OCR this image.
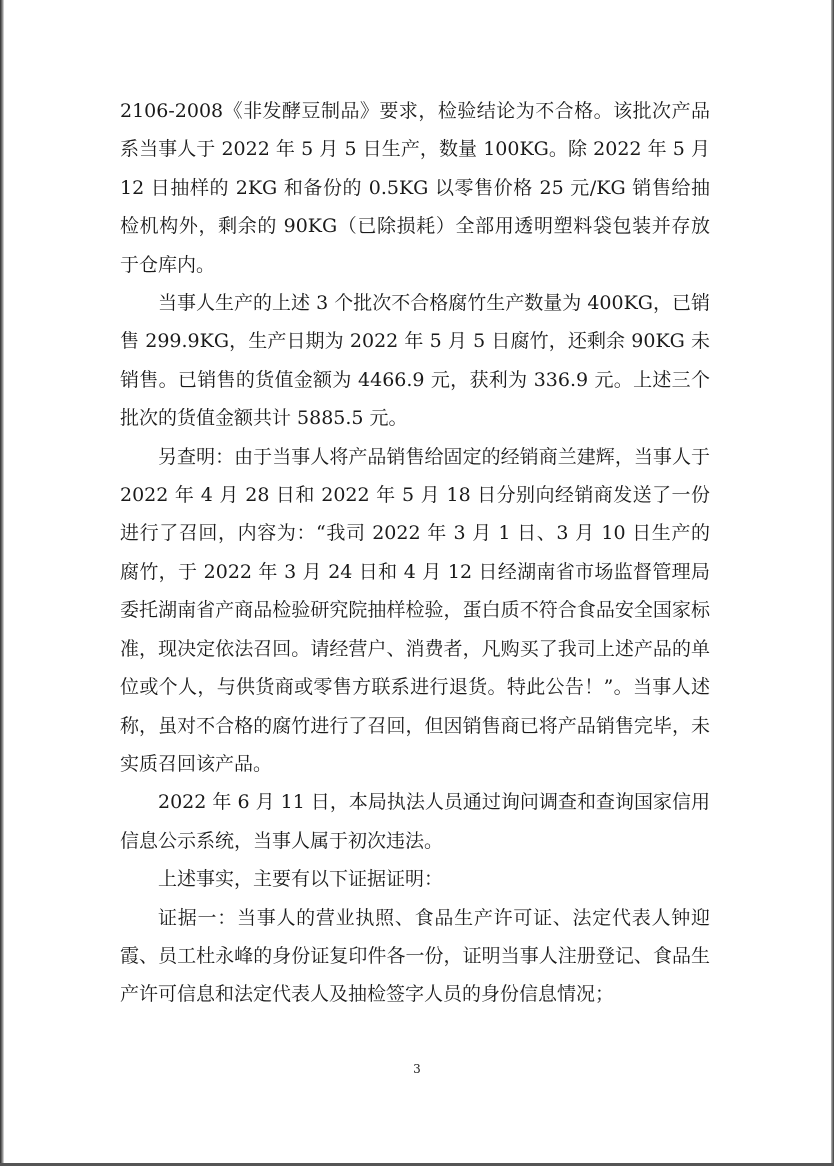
2106-2008《非发酵豆制品》要求，检验结论为不合格。该批次产品系当事人于 2022 年 5 月 5 日生产，数量 100KG。除 2022 年 5 月 12 日抽样的 2KG 和备份的 0.5KG 以零售价格 25 元/KG 销售给抽检机构外，剩余的 90KG（已除损耗）全部用透明塑料袋包装并存放于仓库内。

当事人生产的上述 3 个批次不合格腐竹生产数量为 400KG，已销售 299.9KG，生产日期为 2022 年 5 月 5 日腐竹，还剩余 90KG 未销售。已销售的货值金额为 4466.9 元，获利为 336.9 元。上述三个批次的货值金额共计 5885.5 元。

另查明：由于当事人将产品销售给固定的经销商兰建辉，当事人于 2022 年 4 月 28 日和 2022 年 5 月 18 日分别向经销商发送了一份进行了召回，内容为：“我司 2022 年 3 月 1 日、3 月 10 日生产的腐竹，于 2022 年 3 月 24 日和 4 月 12 日经湖南省市场监督管理局委托湖南省产商品检验研究院抽样检验，蛋白质不符合食品安全国家标准，现决定依法召回。请经营户、消费者，凡购买了我司上述产品的单位或个人，与供货商或零售方联系进行退货。特此公告！”。当事人述称，虽对不合格的腐竹进行了召回，但因销售商已将产品销售完毕，未实质召回该产品。

2022 年 6 月 11 日，本局执法人员通过询问调查和查询国家信用信息公示系统，当事人属于初次违法。

上述事实，主要有以下证据证明：

证据一：当事人的营业执照、食品生产许可证、法定代表人钟迎霞、员工杜永峰的身份证复印件各一份，证明当事人注册登记、食品生产许可信息和法定代表人及抽检签字人员的身份信息情况；

3
